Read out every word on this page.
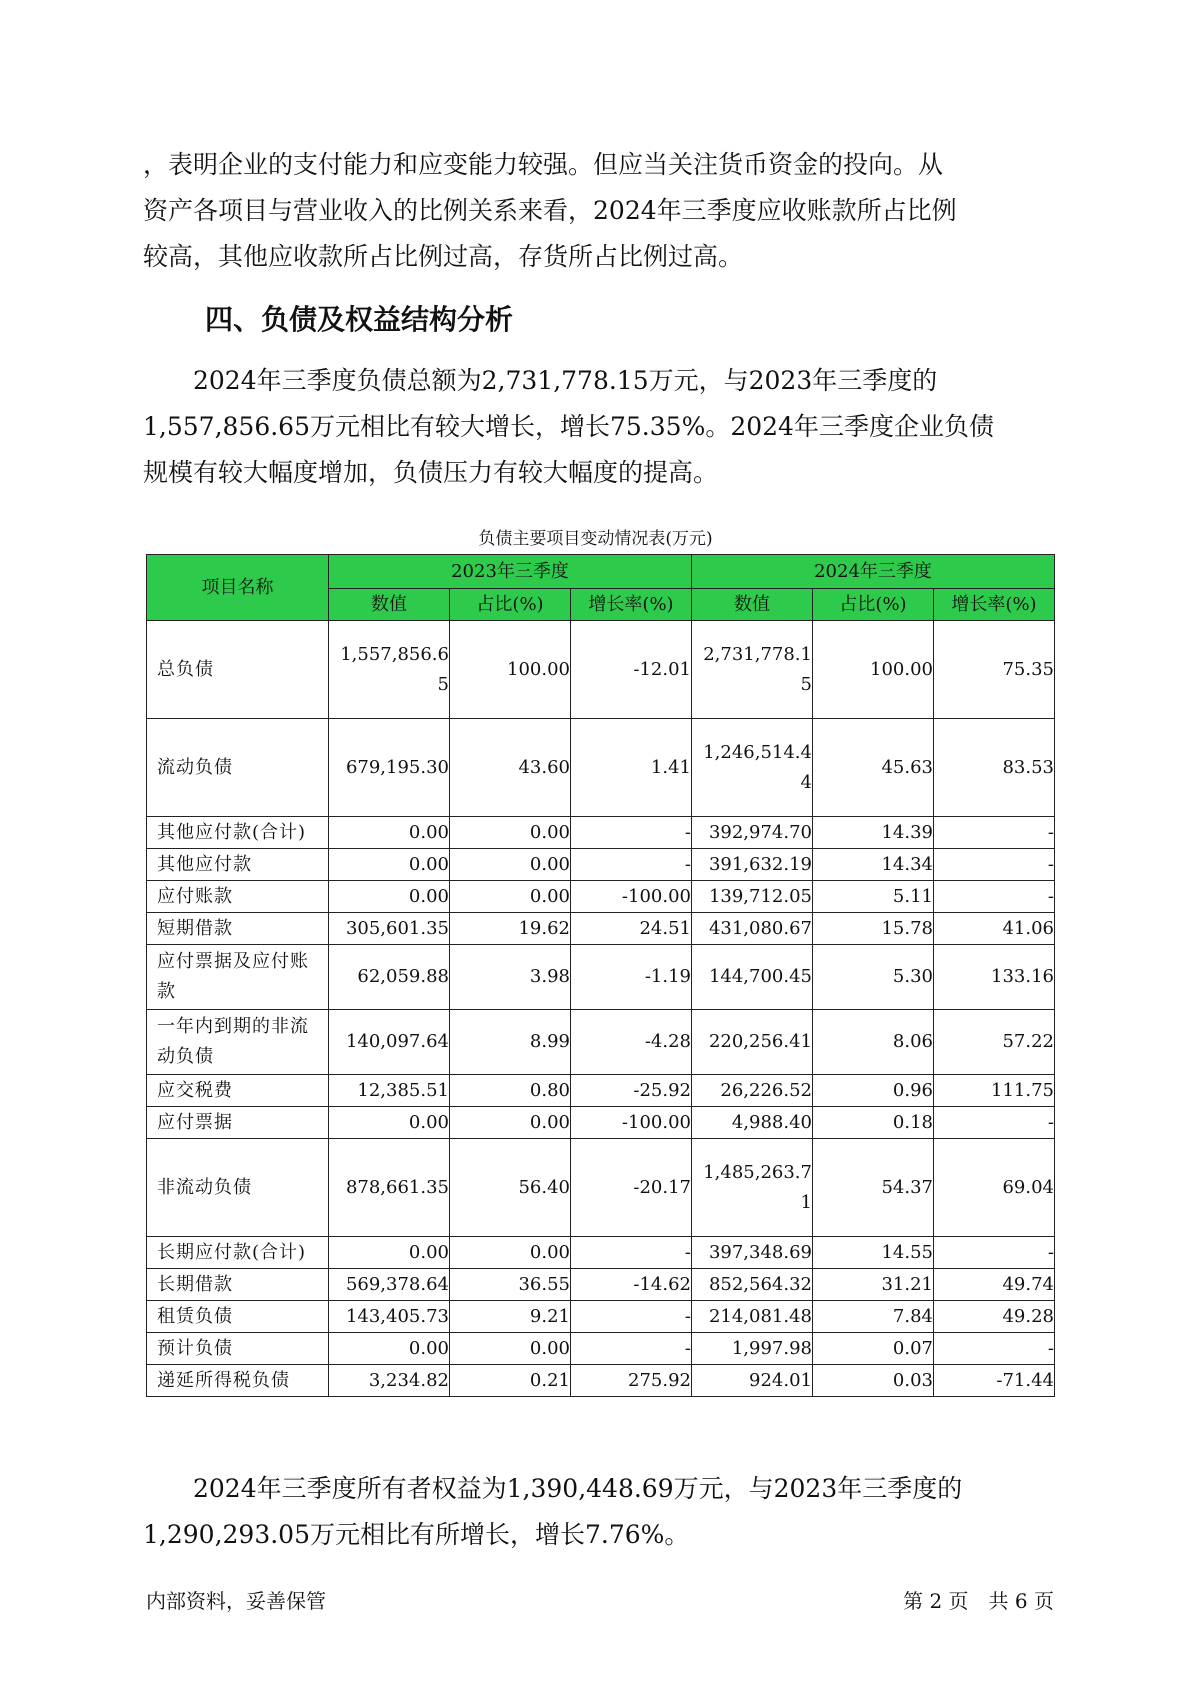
，表明企业的支付能力和应变能力较强。但应当关注货币资金的投向。从
资产各项目与营业收入的比例关系来看，2024年三季度应收账款所占比例
较高，其他应收款所占比例过高，存货所占比例过高。
四、负债及权益结构分析
　　2024年三季度负债总额为2,731,778.15万元，与2023年三季度的
1,557,856.65万元相比有较大增长，增长75.35%。2024年三季度企业负债
规模有较大幅度增加，负债压力有较大幅度的提高。

负债主要项目变动情况表(万元)

项目名称	2023年三季度			2024年三季度		
	数值	占比(%)	增长率(%)	数值	占比(%)	增长率(%)
总负债	1,557,856.65	100.00	-12.01	2,731,778.15	100.00	75.35
流动负债	679,195.30	43.60	1.41	1,246,514.44	45.63	83.53
其他应付款(合计)	0.00	0.00	-	392,974.70	14.39	-
其他应付款	0.00	0.00	-	391,632.19	14.34	-
应付账款	0.00	0.00	-100.00	139,712.05	5.11	-
短期借款	305,601.35	19.62	24.51	431,080.67	15.78	41.06
应付票据及应付账款	62,059.88	3.98	-1.19	144,700.45	5.30	133.16
一年内到期的非流动负债	140,097.64	8.99	-4.28	220,256.41	8.06	57.22
应交税费	12,385.51	0.80	-25.92	26,226.52	0.96	111.75
应付票据	0.00	0.00	-100.00	4,988.40	0.18	-
非流动负债	878,661.35	56.40	-20.17	1,485,263.71	54.37	69.04
长期应付款(合计)	0.00	0.00	-	397,348.69	14.55	-
长期借款	569,378.64	36.55	-14.62	852,564.32	31.21	49.74
租赁负债	143,405.73	9.21	-	214,081.48	7.84	49.28
预计负债	0.00	0.00	-	1,997.98	0.07	-
递延所得税负债	3,234.82	0.21	275.92	924.01	0.03	-71.44
　　2024年三季度所有者权益为1,390,448.69万元，与2023年三季度的
1,290,293.05万元相比有所增长，增长7.76%。

内部资料，妥善保管	第 2 页　共 6 页
